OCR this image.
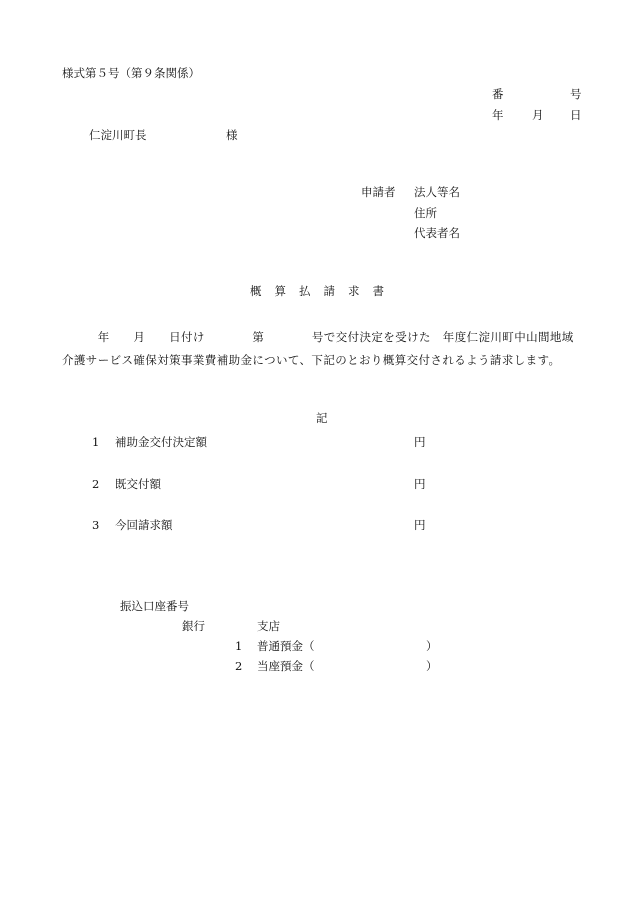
様式第５号（第９条関係）
番	号
年 月 日
仁淀川町長	様
申請者 法人等名
住所
代表者名
概 算 払 請 求 書
　　　年　　月　　日付け　　　　第　　　　号で交付決定を受けた　年度仁淀川町中山間地域介護サービス確保対策事業費補助金について、下記のとおり概算交付されるよう請求します。
記
1 補助金交付決定額	円
2 既交付額	円
3 今回請求額	円
振込口座番号
銀行	支店
1 普通預金（	）
2 当座預金（	）
